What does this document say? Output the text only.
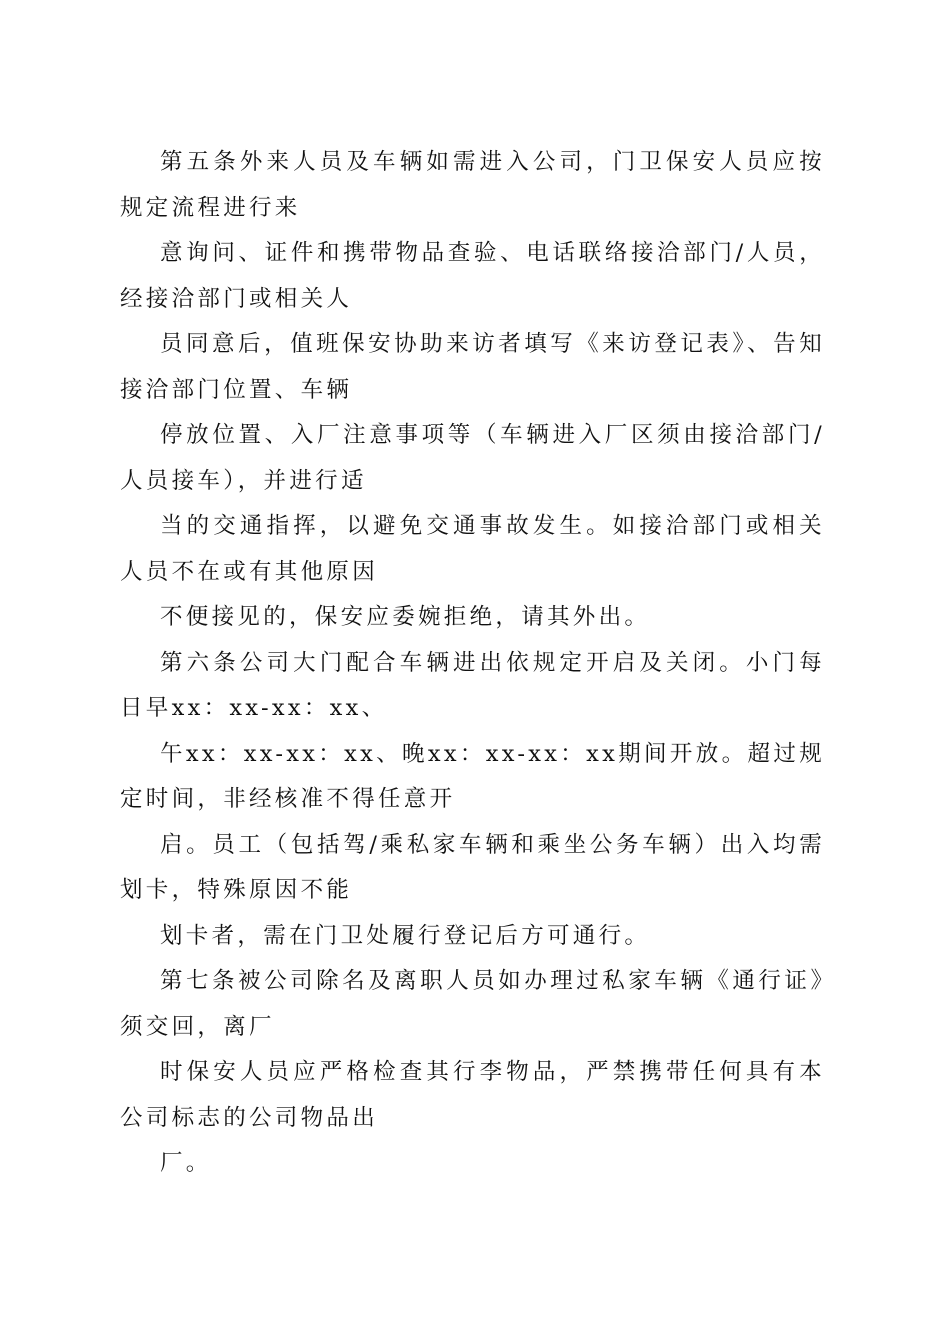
第五条外来人员及车辆如需进入公司，门卫保安人员应按规定流程进行来

意询问、证件和携带物品查验、电话联络接洽部门/人员，经接洽部门或相关人

员同意后，值班保安协助来访者填写《来访登记表》、告知接洽部门位置、车辆

停放位置、入厂注意事项等（车辆进入厂区须由接洽部门/人员接车），并进行适

当的交通指挥，以避免交通事故发生。如接洽部门或相关人员不在或有其他原因

不便接见的，保安应委婉拒绝，请其外出。

第六条公司大门配合车辆进出依规定开启及关闭。小门每日早xx：xx-xx：xx、

午xx：xx-xx：xx、晚xx：xx-xx：xx期间开放。超过规定时间，非经核准不得任意开

启。员工（包括驾/乘私家车辆和乘坐公务车辆）出入均需划卡，特殊原因不能

划卡者，需在门卫处履行登记后方可通行。

第七条被公司除名及离职人员如办理过私家车辆《通行证》须交回，离厂

时保安人员应严格检查其行李物品，严禁携带任何具有本公司标志的公司物品出

厂。
